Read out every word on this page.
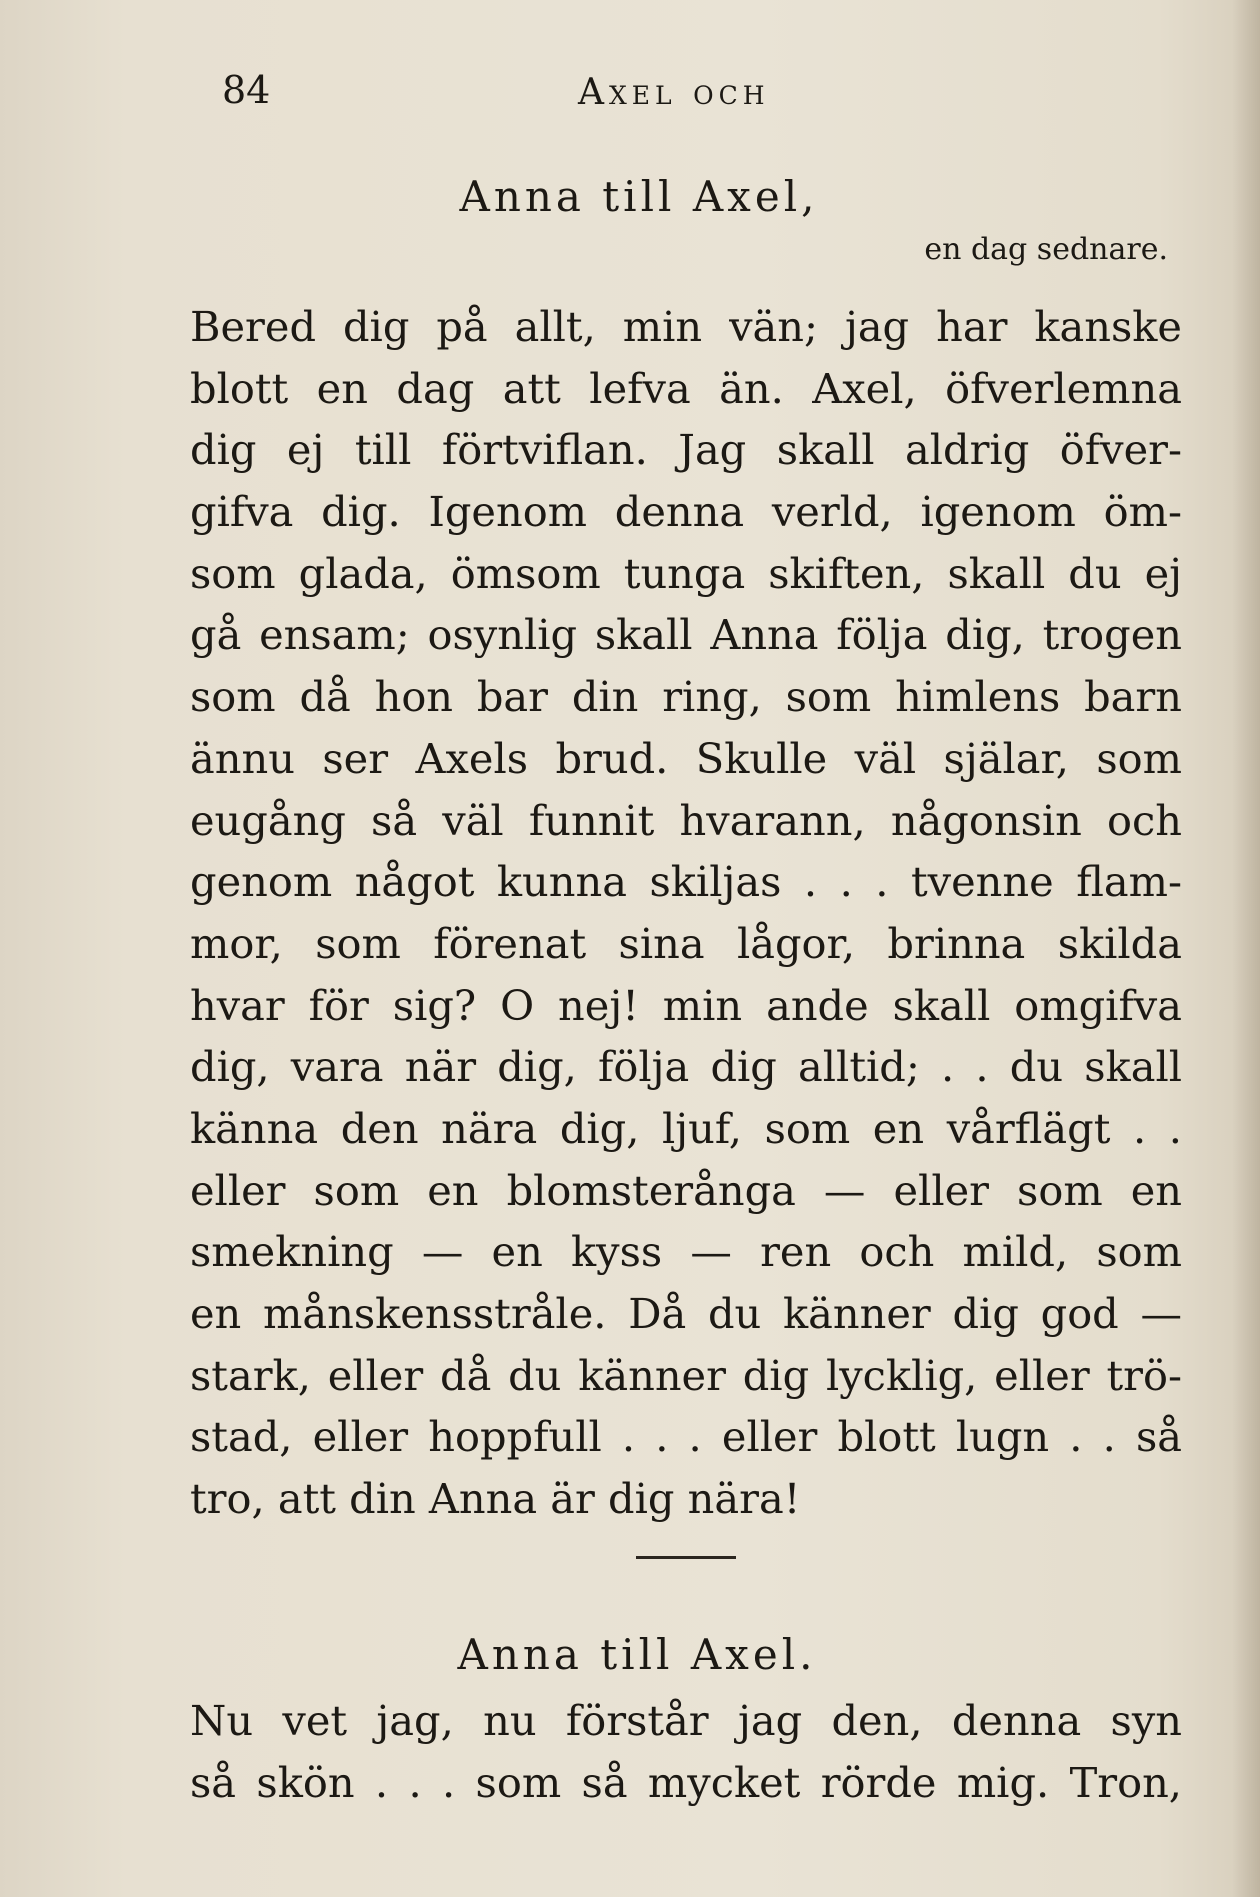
84	Axel och
Anna till Axel,
en dag sednare.
Bered dig på allt, min vän; jag har kanske
blott en dag att lefva än. Axel, öfverlemna
dig ej till förtviflan. Jag skall aldrig öfver-
gifva dig. Igenom denna verld, igenom öm-
som glada, ömsom tunga skiften, skall du ej
gå ensam; osynlig skall Anna följa dig, trogen
som då hon bar din ring, som himlens barn
ännu ser Axels brud. Skulle väl själar, som
eugång så väl funnit hvarann, någonsin och
genom något kunna skiljas . . . tvenne flam-
mor, som förenat sina lågor, brinna skilda
hvar för sig? O nej! min ande skall omgifva
dig, vara när dig, följa dig alltid; . . du skall
känna den nära dig, ljuf, som en vårflägt . .
eller som en blomsterånga — eller som en
smekning — en kyss — ren och mild, som
en månskensstråle. Då du känner dig god —
stark, eller då du känner dig lycklig, eller trö-
stad, eller hoppfull . . . eller blott lugn . . så
tro, att din Anna är dig nära!
Anna till Axel.
Nu vet jag, nu förstår jag den, denna syn
så skön . . . som så mycket rörde mig. Tron,
